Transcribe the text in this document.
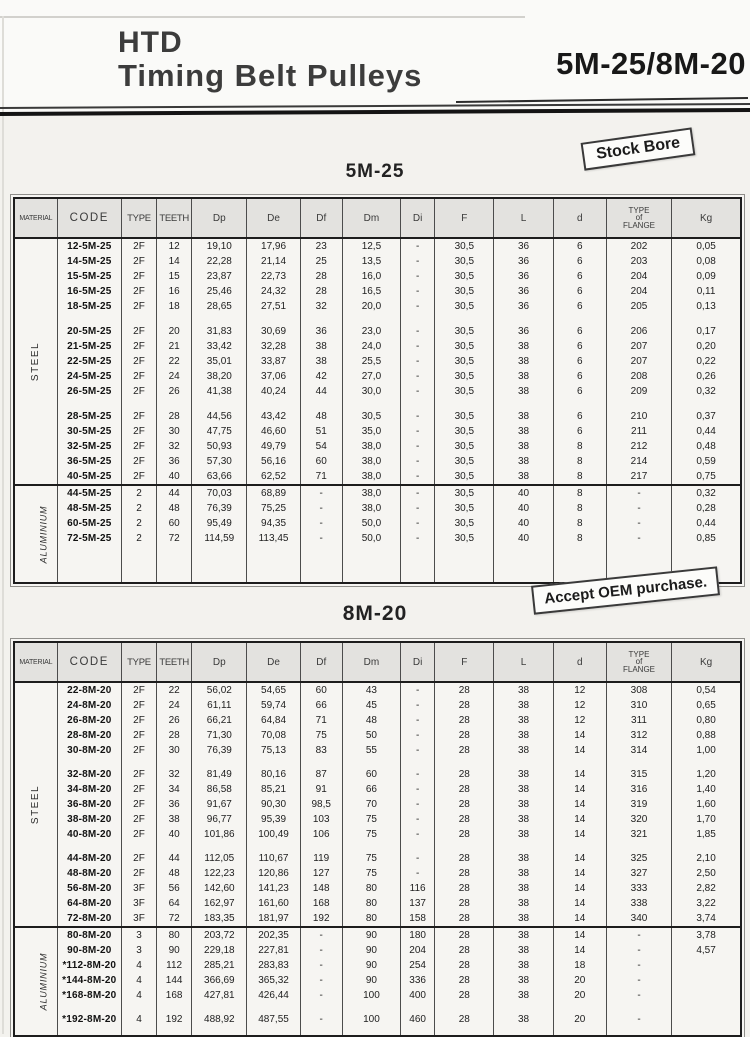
HTD
Timing Belt Pulleys	5M-25/8M-20
Stock Bore
Accept OEM purchase.
5M-25
8M-20
MATERIAL	CODE	TYPE	TEETH	Dp	De	Df	Dm	Di	F	L	d	TYPE
of
FLANGE	Kg
STEEL	12-5M-25	2F	12	19,10	17,96	23	12,5	-	30,5	36	6	202	0,05
	14-5M-25	2F	14	22,28	21,14	25	13,5	-	30,5	36	6	203	0,08
	15-5M-25	2F	15	23,87	22,73	28	16,0	-	30,5	36	6	204	0,09
	16-5M-25	2F	16	25,46	24,32	28	16,5	-	30,5	36	6	204	0,11
	18-5M-25	2F	18	28,65	27,51	32	20,0	-	30,5	36	6	205	0,13

	20-5M-25	2F	20	31,83	30,69	36	23,0	-	30,5	36	6	206	0,17
	21-5M-25	2F	21	33,42	32,28	38	24,0	-	30,5	38	6	207	0,20
	22-5M-25	2F	22	35,01	33,87	38	25,5	-	30,5	38	6	207	0,22
	24-5M-25	2F	24	38,20	37,06	42	27,0	-	30,5	38	6	208	0,26
	26-5M-25	2F	26	41,38	40,24	44	30,0	-	30,5	38	6	209	0,32

	28-5M-25	2F	28	44,56	43,42	48	30,5	-	30,5	38	6	210	0,37
	30-5M-25	2F	30	47,75	46,60	51	35,0	-	30,5	38	6	211	0,44
	32-5M-25	2F	32	50,93	49,79	54	38,0	-	30,5	38	8	212	0,48
	36-5M-25	2F	36	57,30	56,16	60	38,0	-	30,5	38	8	214	0,59
	40-5M-25	2F	40	63,66	62,52	71	38,0	-	30,5	38	8	217	0,75
ALUMINIUM	44-5M-25	2	44	70,03	68,89	-	38,0	-	30,5	40	8	-	0,32
	48-5M-25	2	48	76,39	75,25	-	38,0	-	30,5	40	8	-	0,28
	60-5M-25	2	60	95,49	94,35	-	50,0	-	30,5	40	8	-	0,44
	72-5M-25	2	72	114,59	113,45	-	50,0	-	30,5	40	8	-	0,85

MATERIAL	CODE	TYPE	TEETH	Dp	De	Df	Dm	Di	F	L	d	TYPE
of
FLANGE	Kg
STEEL	22-8M-20	2F	22	56,02	54,65	60	43	-	28	38	12	308	0,54
	24-8M-20	2F	24	61,11	59,74	66	45	-	28	38	12	310	0,65
	26-8M-20	2F	26	66,21	64,84	71	48	-	28	38	12	311	0,80
	28-8M-20	2F	28	71,30	70,08	75	50	-	28	38	14	312	0,88
	30-8M-20	2F	30	76,39	75,13	83	55	-	28	38	14	314	1,00

	32-8M-20	2F	32	81,49	80,16	87	60	-	28	38	14	315	1,20
	34-8M-20	2F	34	86,58	85,21	91	66	-	28	38	14	316	1,40
	36-8M-20	2F	36	91,67	90,30	98,5	70	-	28	38	14	319	1,60
	38-8M-20	2F	38	96,77	95,39	103	75	-	28	38	14	320	1,70
	40-8M-20	2F	40	101,86	100,49	106	75	-	28	38	14	321	1,85

	44-8M-20	2F	44	112,05	110,67	119	75	-	28	38	14	325	2,10
	48-8M-20	2F	48	122,23	120,86	127	75	-	28	38	14	327	2,50
	56-8M-20	3F	56	142,60	141,23	148	80	116	28	38	14	333	2,82
	64-8M-20	3F	64	162,97	161,60	168	80	137	28	38	14	338	3,22
	72-8M-20	3F	72	183,35	181,97	192	80	158	28	38	14	340	3,74
ALUMINIUM	80-8M-20	3	80	203,72	202,35	-	90	180	28	38	14	-	3,78
	90-8M-20	3	90	229,18	227,81	-	90	204	28	38	14	-	4,57
	*112-8M-20	4	112	285,21	283,83	-	90	254	28	38	18	-	
	*144-8M-20	4	144	366,69	365,32	-	90	336	28	38	20	-	
	*168-8M-20	4	168	427,81	426,44	-	100	400	28	38	20	-	

	*192-8M-20	4	192	488,92	487,55	-	100	460	28	38	20	-	
